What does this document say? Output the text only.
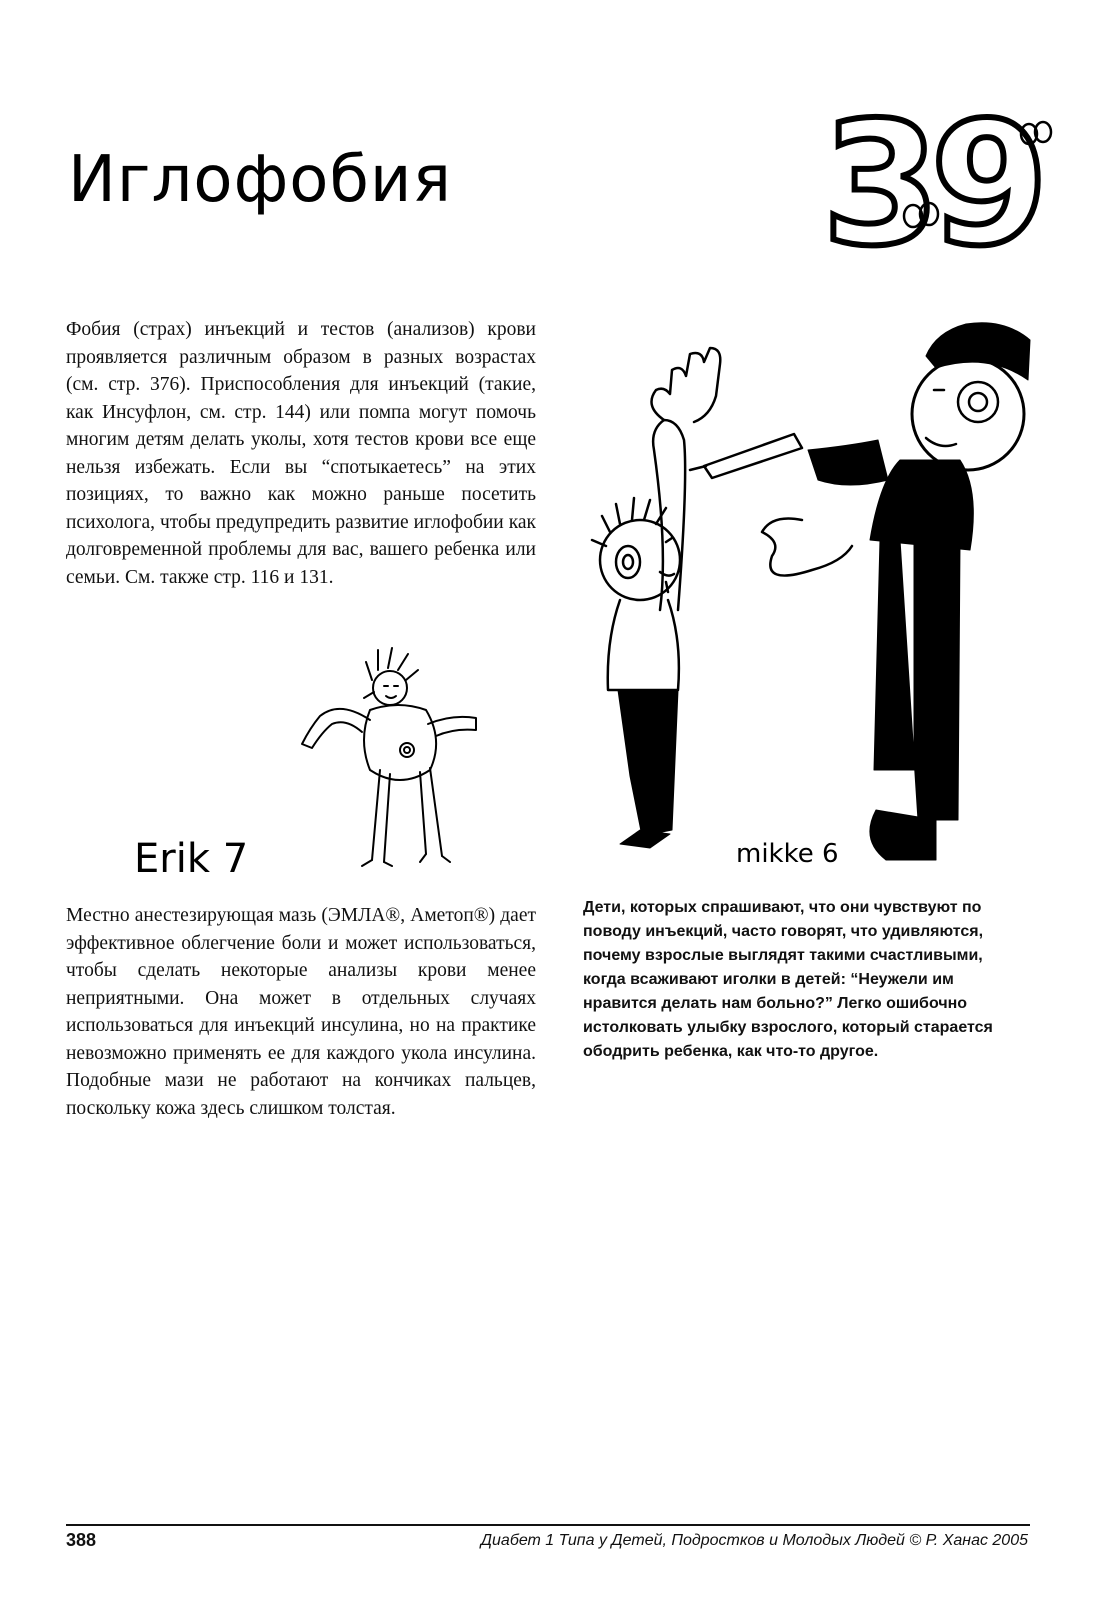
Иглофобия 39

Фобия (страх) инъекций и тестов (анализов) крови проявляется различным образом в разных возрастах (см. стр. 376). Приспособления для инъекций (такие, как Инсуфлон, см. стр. 144) или помпа могут помочь многим детям делать уколы, хотя тестов крови все еще нельзя избежать. Если вы “спотыкаетесь” на этих позициях, то важно как можно раньше посетить психолога, чтобы предупредить развитие иглофобии как долговременной проблемы для вас, вашего ребенка или семьи. См. также стр. 116 и 131.

Erik 7	mikke 6

Дети, которых спрашивают, что они чувствуют по поводу инъекций, часто говорят, что удивляются, почему взрослые выглядят такими счастливыми, когда всаживают иголки в детей: “Неужели им нравится делать нам больно?” Легко ошибочно истолковать улыбку взрослого, который старается ободрить ребенка, как что-то другое.

Местно анестезирующая мазь (ЭМЛА®, Аметоп®) дает эффективное облегчение боли и может использоваться, чтобы сделать некоторые анализы крови менее неприятными. Она может в отдельных случаях использоваться для инъекций инсулина, но на практике невозможно применять ее для каждого укола инсулина. Подобные мази не работают на кончиках пальцев, поскольку кожа здесь слишком толстая.

388	Диабет 1 Типа у Детей, Подростков и Молодых Людей © Р. Ханас 2005
